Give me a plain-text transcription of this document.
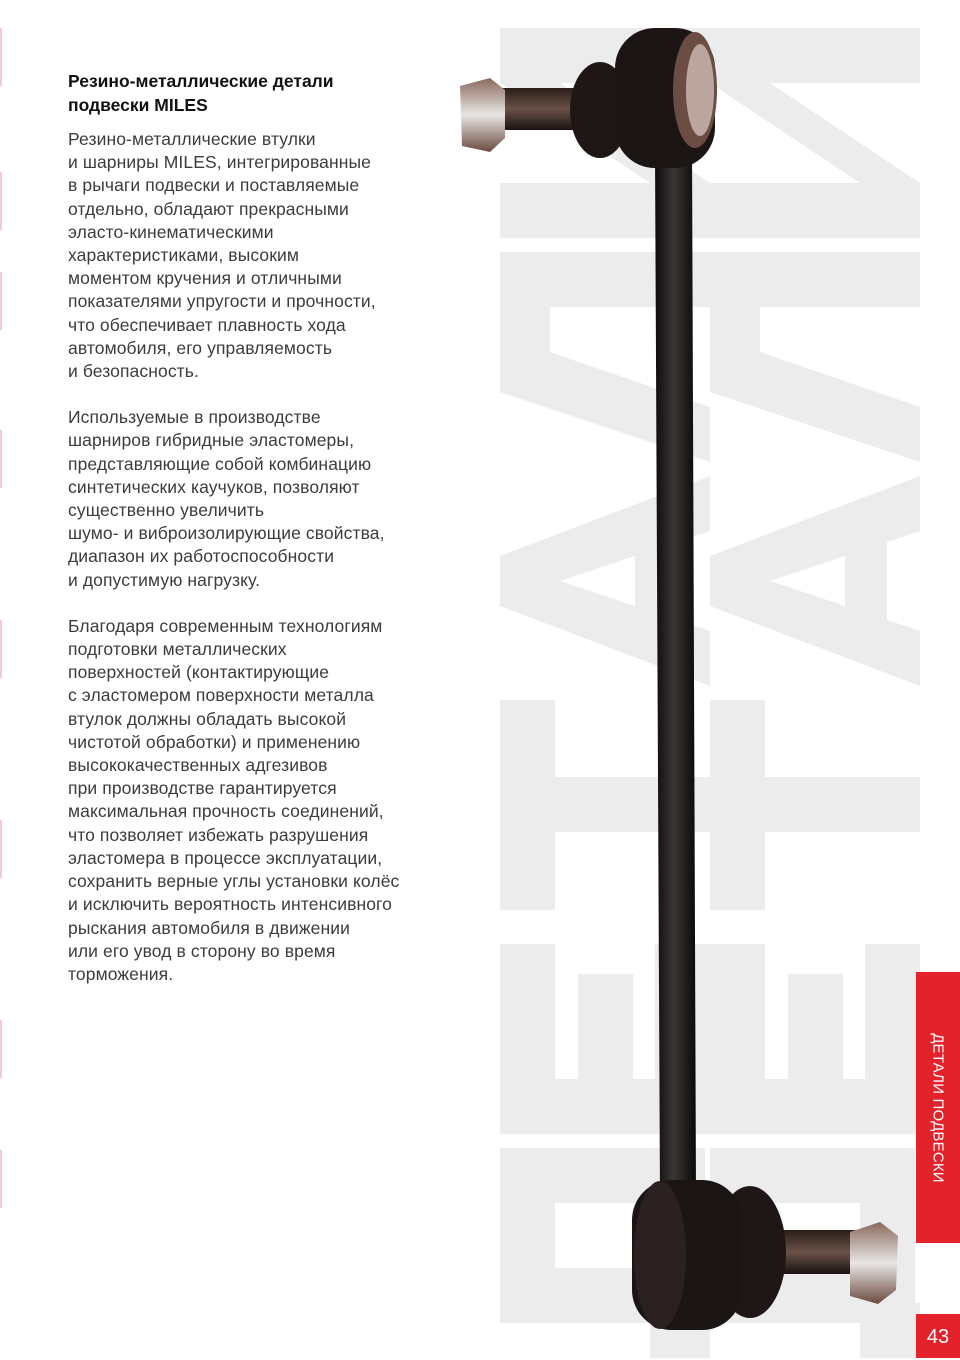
Резино-металлические детали
подвески MILES

Резино-металлические втулки
и шарниры MILES, интегрированные
в рычаги подвески и поставляемые
отдельно, обладают прекрасными
эласто-кинематическими
характеристиками, высоким
моментом кручения и отличными
показателями упругости и прочности,
что обеспечивает плавность хода
автомобиля, его управляемость
и безопасность.

Используемые в производстве
шарниров гибридные эластомеры,
представляющие собой комбинацию
синтетических каучуков, позволяют
существенно увеличить
шумо- и виброизолирующие свойства,
диапазон их работоспособности
и допустимую нагрузку.

Благодаря современным технологиям
подготовки металлических
поверхностей (контактирующие
с эластомером поверхности металла
втулок должны обладать высокой
чистотой обработки) и применению
высококачественных адгезивов
при производстве гарантируется
максимальная прочность соединений,
что позволяет избежать разрушения
эластомера в процессе эксплуатации,
сохранить верные углы установки колёс
и исключить вероятность интенсивного
рыскания автомобиля в движении
или его увод в сторону во время
торможения.

ДЕТАЛИ ПОДВЕСКИ
43
